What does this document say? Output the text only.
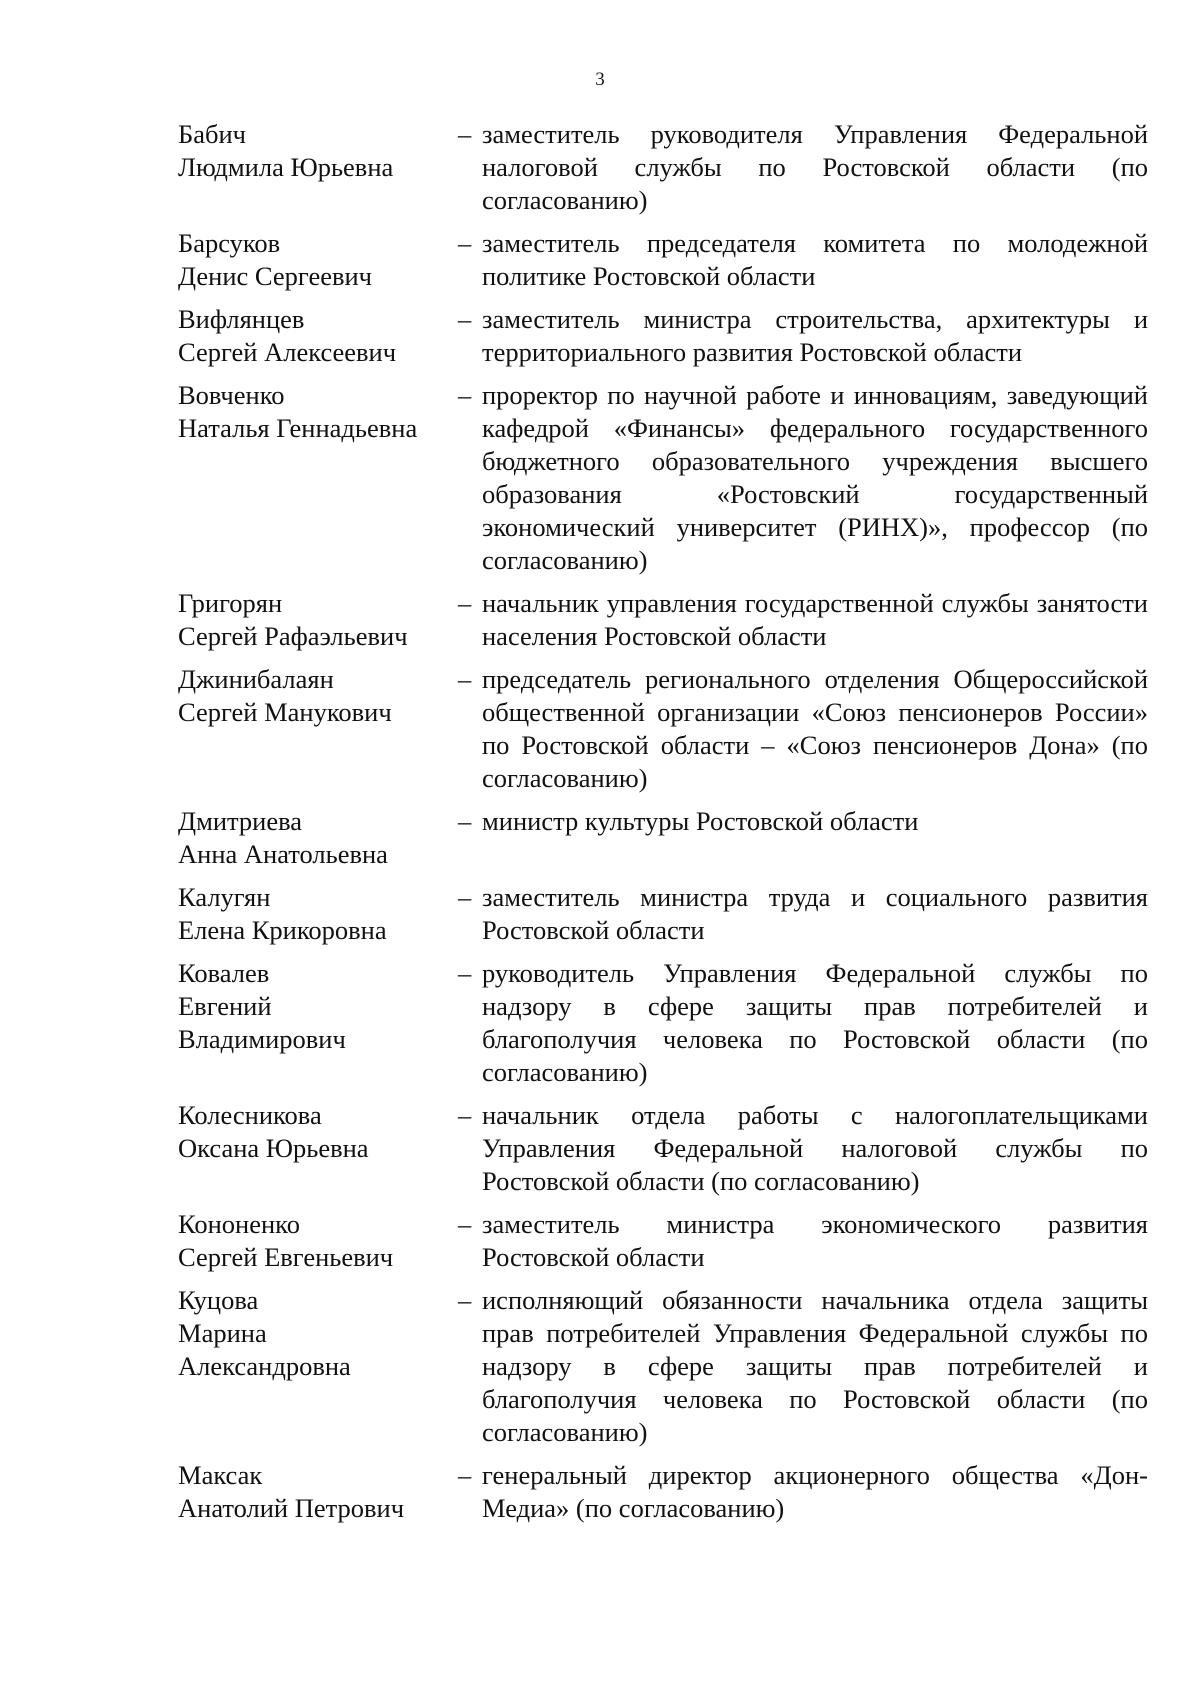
3
Бабич
Людмила Юрьевна
– заместитель руководителя Управления Федеральной налоговой службы по Ростовской области (по согласованию)
Барсуков
Денис Сергеевич
– заместитель председателя комитета по молодежной политике Ростовской области
Вифлянцев
Сергей Алексеевич
– заместитель министра строительства, архитектуры и территориального развития Ростовской области
Вовченко
Наталья Геннадьевна
– проректор по научной работе и инновациям, заведующий кафедрой «Финансы» федерального государственного бюджетного образовательного учреждения высшего образования «Ростовский государственный экономический университет (РИНХ)», профессор (по согласованию)
Григорян
Сергей Рафаэльевич
– начальник управления государственной службы занятости населения Ростовской области
Джинибалаян
Сергей Манукович
– председатель регионального отделения Общероссийской общественной организации «Союз пенсионеров России» по Ростовской области – «Союз пенсионеров Дона» (по согласованию)
Дмитриева
Анна Анатольевна
– министр культуры Ростовской области
Калугян
Елена Крикоровна
– заместитель министра труда и социального развития Ростовской области
Ковалев
Евгений
Владимирович
– руководитель Управления Федеральной службы по надзору в сфере защиты прав потребителей и благополучия человека по Ростовской области (по согласованию)
Колесникова
Оксана Юрьевна
– начальник отдела работы с налогоплательщиками Управления Федеральной налоговой службы по Ростовской области (по согласованию)
Кононенко
Сергей Евгеньевич
– заместитель министра экономического развития Ростовской области
Куцова
Марина
Александровна
– исполняющий обязанности начальника отдела защиты прав потребителей Управления Федеральной службы по надзору в сфере защиты прав потребителей и благополучия человека по Ростовской области (по согласованию)
Максак
Анатолий Петрович
– генеральный директор акционерного общества «Дон-Медиа» (по согласованию)
